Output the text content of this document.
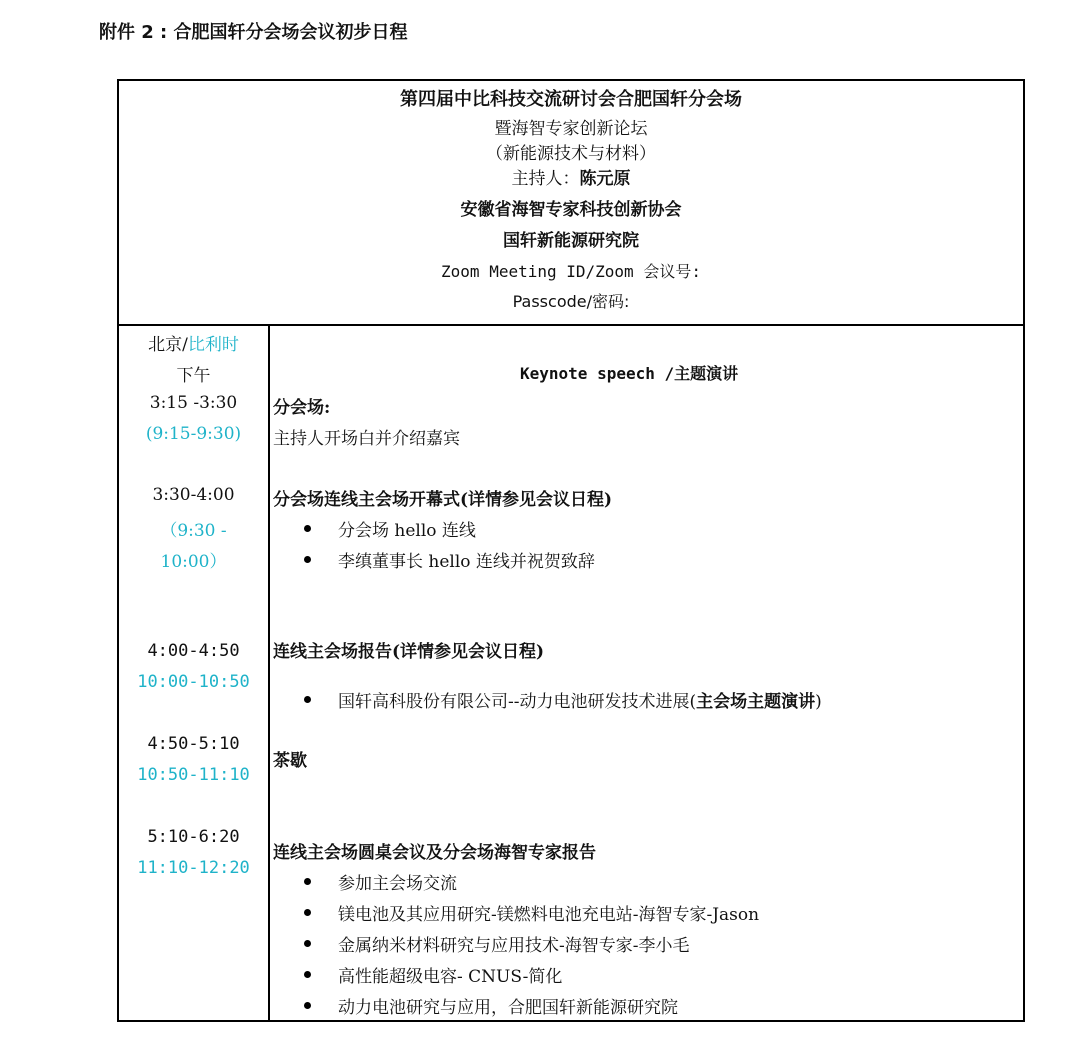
附件 2 : 合肥国轩分会场会议初步日程
第四届中比科技交流研讨会合肥国轩分会场
暨海智专家创新论坛
（新能源技术与材料）
主持人：陈元原
安徽省海智专家科技创新协会
国轩新能源研究院
Zoom Meeting ID/Zoom 会议号:
Passcode/密码:
北京/比利时
下午
3:15 -3:30
(9:15-9:30)
3:30-4:00
（9:30 -
10:00）
4:00-4:50
10:00-10:50
4:50-5:10
10:50-11:10
5:10-6:20
11:10-12:20
Keynote speech /主题演讲
分会场:
主持人开场白并介绍嘉宾
分会场连线主会场开幕式(详情参见会议日程)
分会场 hello 连线
李缜董事长 hello 连线并祝贺致辞
连线主会场报告(详情参见会议日程)
国轩高科股份有限公司--动力电池研发技术进展(主会场主题演讲)
茶歇
连线主会场圆桌会议及分会场海智专家报告
参加主会场交流
镁电池及其应用研究-镁燃料电池充电站-海智专家-Jason
金属纳米材料研究与应用技术-海智专家-李小毛
高性能超级电容- CNUS-简化
动力电池研究与应用，合肥国轩新能源研究院
